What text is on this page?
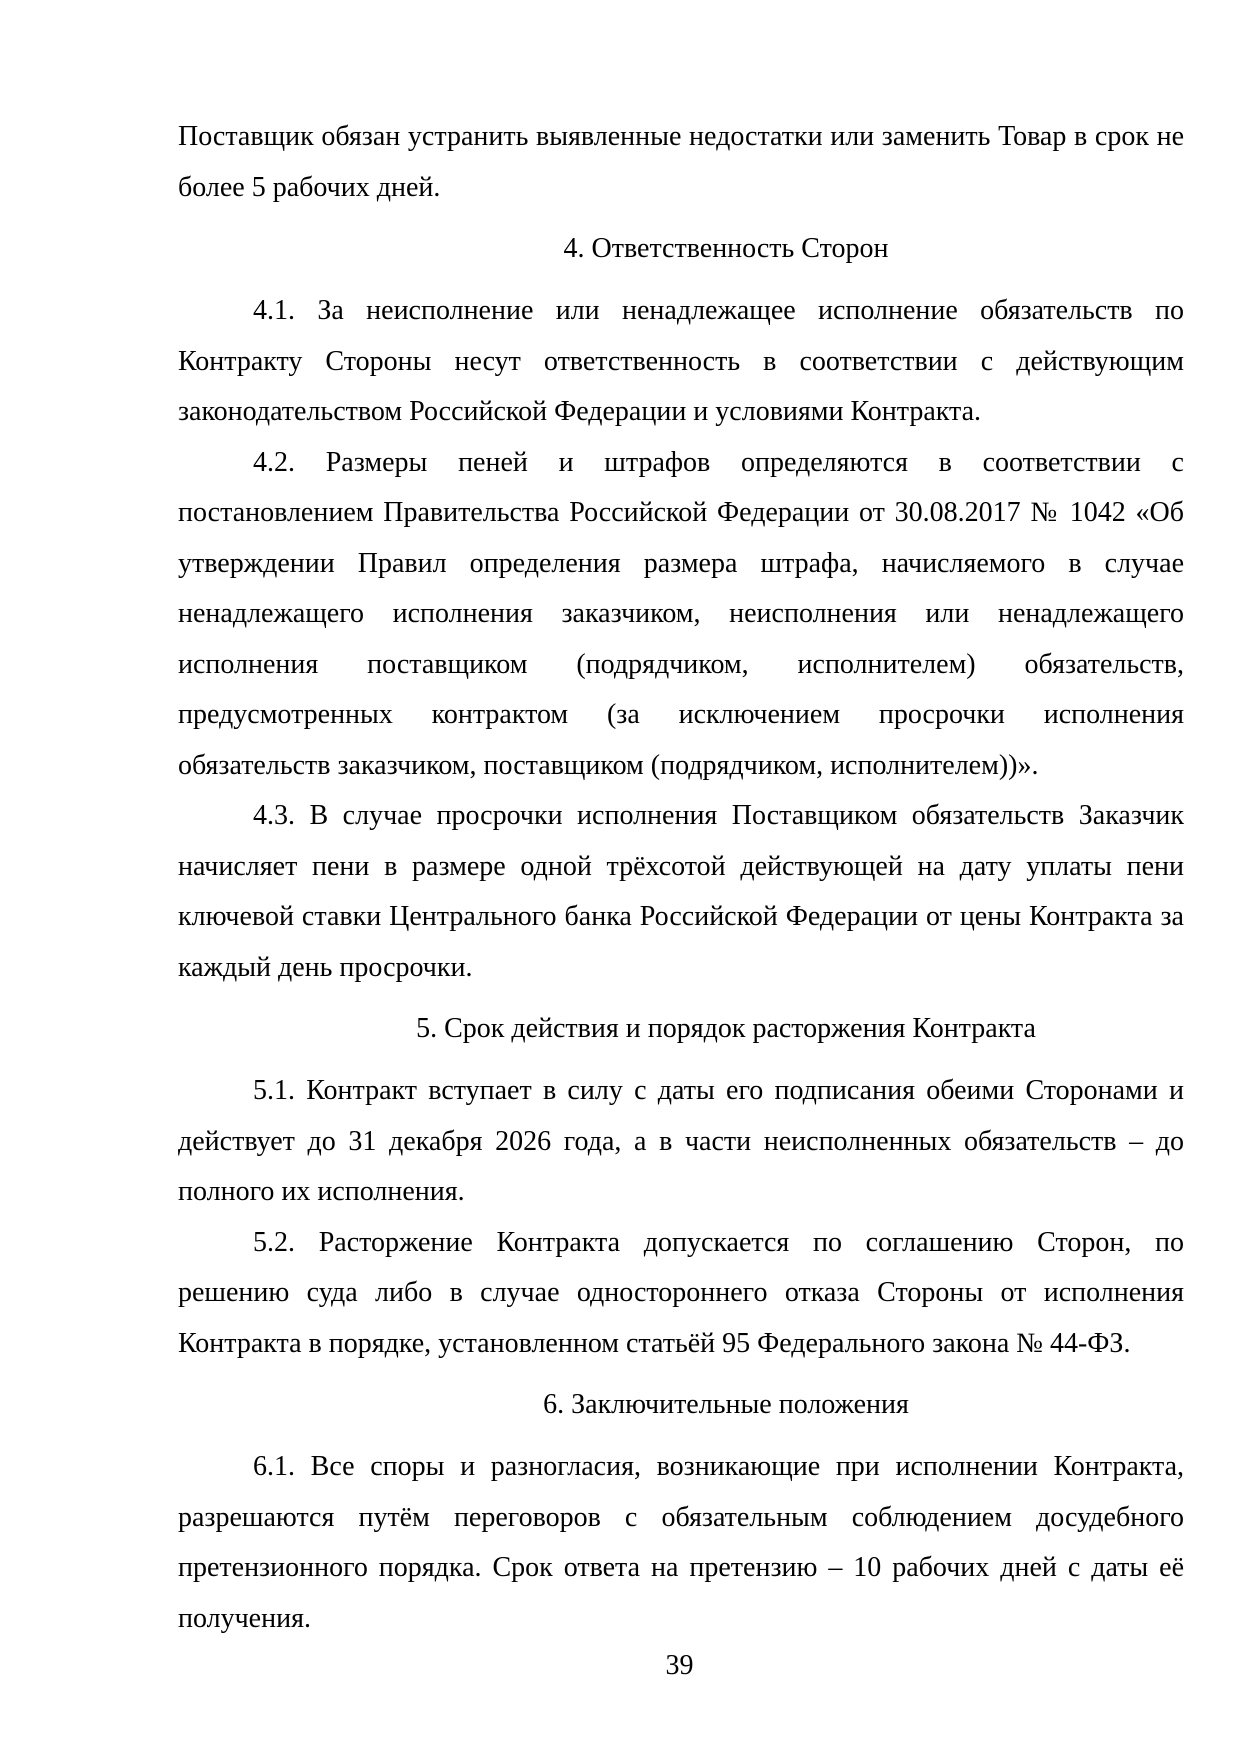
Поставщик обязан устранить выявленные недостатки или заменить Товар в срок не более 5 рабочих дней.

4. Ответственность Сторон

4.1. За неисполнение или ненадлежащее исполнение обязательств по Контракту Стороны несут ответственность в соответствии с действующим законодательством Российской Федерации и условиями Контракта.

4.2. Размеры пеней и штрафов определяются в соответствии с постановлением Правительства Российской Федерации от 30.08.2017 № 1042 «Об утверждении Правил определения размера штрафа, начисляемого в случае ненадлежащего исполнения заказчиком, неисполнения или ненадлежащего исполнения поставщиком (подрядчиком, исполнителем) обязательств, предусмотренных контрактом (за исключением просрочки исполнения обязательств заказчиком, поставщиком (подрядчиком, исполнителем))».

4.3. В случае просрочки исполнения Поставщиком обязательств Заказчик начисляет пени в размере одной трёхсотой действующей на дату уплаты пени ключевой ставки Центрального банка Российской Федерации от цены Контракта за каждый день просрочки.

5. Срок действия и порядок расторжения Контракта

5.1. Контракт вступает в силу с даты его подписания обеими Сторонами и действует до 31 декабря 2026 года, а в части неисполненных обязательств – до полного их исполнения.

5.2. Расторжение Контракта допускается по соглашению Сторон, по решению суда либо в случае одностороннего отказа Стороны от исполнения Контракта в порядке, установленном статьёй 95 Федерального закона № 44-ФЗ.

6. Заключительные положения

6.1. Все споры и разногласия, возникающие при исполнении Контракта, разрешаются путём переговоров с обязательным соблюдением досудебного претензионного порядка. Срок ответа на претензию – 10 рабочих дней с даты её получения.

39
